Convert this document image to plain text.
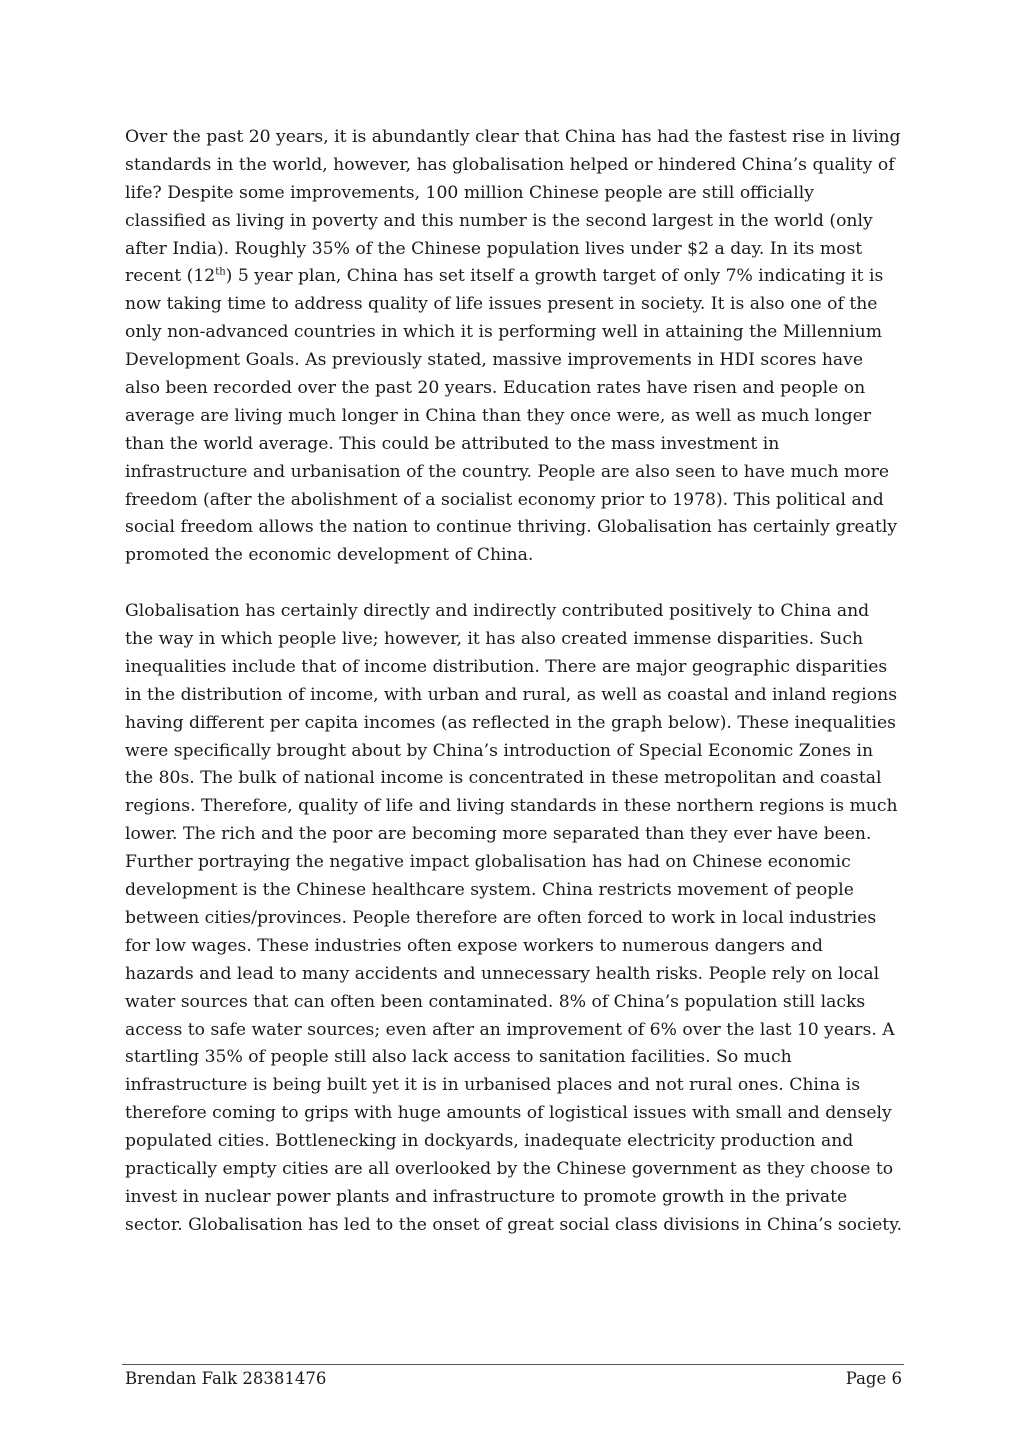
Over the past 20 years, it is abundantly clear that China has had the fastest rise in living
standards in the world, however, has globalisation helped or hindered China’s quality of
life? Despite some improvements, 100 million Chinese people are still officially
classified as living in poverty and this number is the second largest in the world (only
after India). Roughly 35% of the Chinese population lives under $2 a day. In its most
recent (12th) 5 year plan, China has set itself a growth target of only 7% indicating it is
now taking time to address quality of life issues present in society. It is also one of the
only non-advanced countries in which it is performing well in attaining the Millennium
Development Goals. As previously stated, massive improvements in HDI scores have
also been recorded over the past 20 years. Education rates have risen and people on
average are living much longer in China than they once were, as well as much longer
than the world average. This could be attributed to the mass investment in
infrastructure and urbanisation of the country. People are also seen to have much more
freedom (after the abolishment of a socialist economy prior to 1978). This political and
social freedom allows the nation to continue thriving. Globalisation has certainly greatly
promoted the economic development of China.
Globalisation has certainly directly and indirectly contributed positively to China and
the way in which people live; however, it has also created immense disparities. Such
inequalities include that of income distribution. There are major geographic disparities
in the distribution of income, with urban and rural, as well as coastal and inland regions
having different per capita incomes (as reflected in the graph below). These inequalities
were specifically brought about by China’s introduction of Special Economic Zones in
the 80s. The bulk of national income is concentrated in these metropolitan and coastal
regions. Therefore, quality of life and living standards in these northern regions is much
lower. The rich and the poor are becoming more separated than they ever have been.
Further portraying the negative impact globalisation has had on Chinese economic
development is the Chinese healthcare system. China restricts movement of people
between cities/provinces. People therefore are often forced to work in local industries
for low wages. These industries often expose workers to numerous dangers and
hazards and lead to many accidents and unnecessary health risks. People rely on local
water sources that can often been contaminated. 8% of China’s population still lacks
access to safe water sources; even after an improvement of 6% over the last 10 years. A
startling 35% of people still also lack access to sanitation facilities. So much
infrastructure is being built yet it is in urbanised places and not rural ones. China is
therefore coming to grips with huge amounts of logistical issues with small and densely
populated cities. Bottlenecking in dockyards, inadequate electricity production and
practically empty cities are all overlooked by the Chinese government as they choose to
invest in nuclear power plants and infrastructure to promote growth in the private
sector. Globalisation has led to the onset of great social class divisions in China’s society.
Brendan Falk 28381476	Page 6
